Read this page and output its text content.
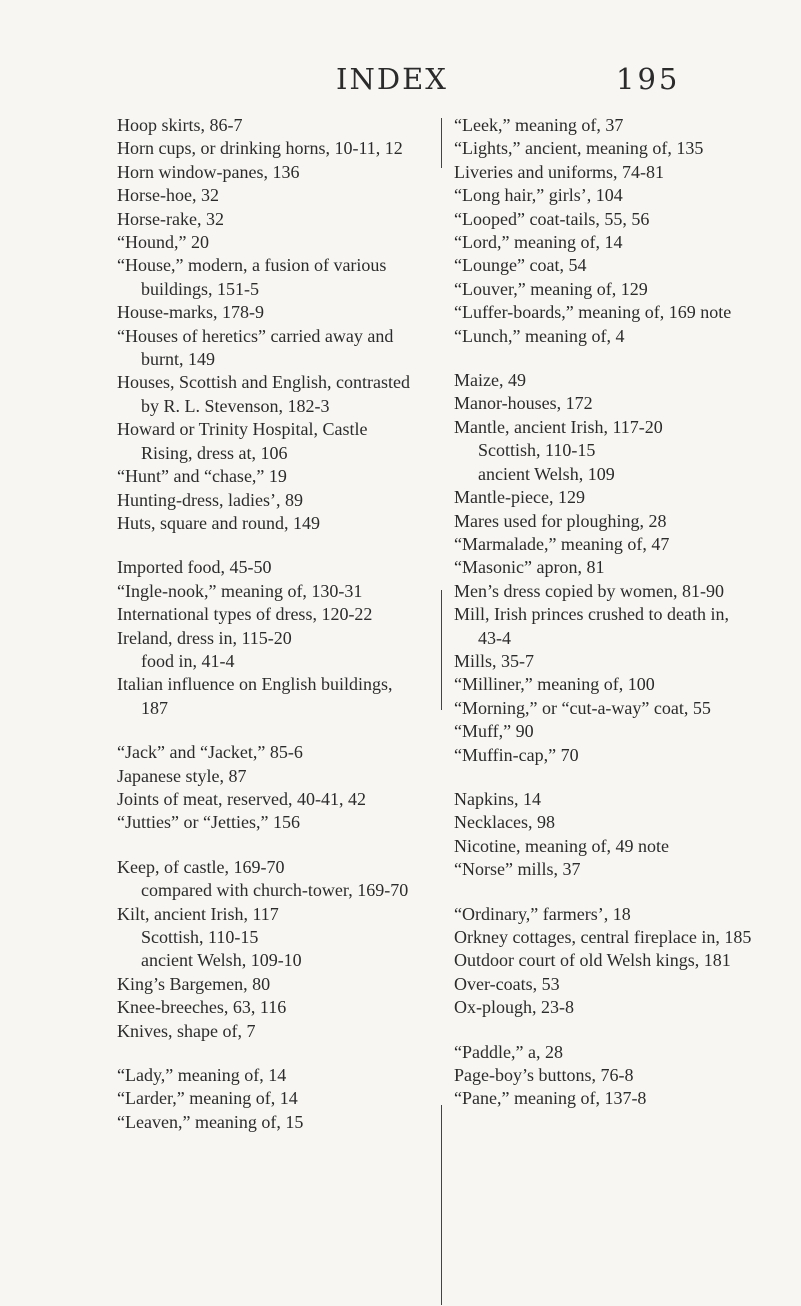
INDEX	195

Hoop skirts, 86-7

Horn cups, or drinking horns, 10-11, 12

Horn window-panes, 136

Horse-hoe, 32

Horse-rake, 32

“Hound,” 20

“House,” modern, a fusion of various buildings, 151-5

House-marks, 178-9

“Houses of heretics” carried away and burnt, 149

Houses, Scottish and English, contrasted by R. L. Stevenson, 182-3

Howard or Trinity Hospital, Castle Rising, dress at, 106

“Hunt” and “chase,” 19

Hunting-dress, ladies’, 89

Huts, square and round, 149

Imported food, 45-50

“Ingle-nook,” meaning of, 130-31

International types of dress, 120-22

Ireland, dress in, 115-20

food in, 41-4

Italian influence on English buildings, 187

“Jack” and “Jacket,” 85-6

Japanese style, 87

Joints of meat, reserved, 40-41, 42

“Jutties” or “Jetties,” 156

Keep, of castle, 169-70

compared with church-tower, 169-70

Kilt, ancient Irish, 117

Scottish, 110-15

ancient Welsh, 109-10

King’s Bargemen, 80

Knee-breeches, 63, 116

Knives, shape of, 7

“Lady,” meaning of, 14

“Larder,” meaning of, 14

“Leaven,” meaning of, 15

“Leek,” meaning of, 37

“Lights,” ancient, meaning of, 135

Liveries and uniforms, 74-81

“Long hair,” girls’, 104

“Looped” coat-tails, 55, 56

“Lord,” meaning of, 14

“Lounge” coat, 54

“Louver,” meaning of, 129

“Luffer-boards,” meaning of, 169 note

“Lunch,” meaning of, 4

Maize, 49

Manor-houses, 172

Mantle, ancient Irish, 117-20

Scottish, 110-15

ancient Welsh, 109

Mantle-piece, 129

Mares used for ploughing, 28

“Marmalade,” meaning of, 47

“Masonic” apron, 81

Men’s dress copied by women, 81-90

Mill, Irish princes crushed to death in, 43-4

Mills, 35-7

“Milliner,” meaning of, 100

“Morning,” or “cut-a-way” coat, 55

“Muff,” 90

“Muffin-cap,” 70

Napkins, 14

Necklaces, 98

Nicotine, meaning of, 49 note

“Norse” mills, 37

“Ordinary,” farmers’, 18

Orkney cottages, central fireplace in, 185

Outdoor court of old Welsh kings, 181

Over-coats, 53

Ox-plough, 23-8

“Paddle,” a, 28

Page-boy’s buttons, 76-8

“Pane,” meaning of, 137-8
